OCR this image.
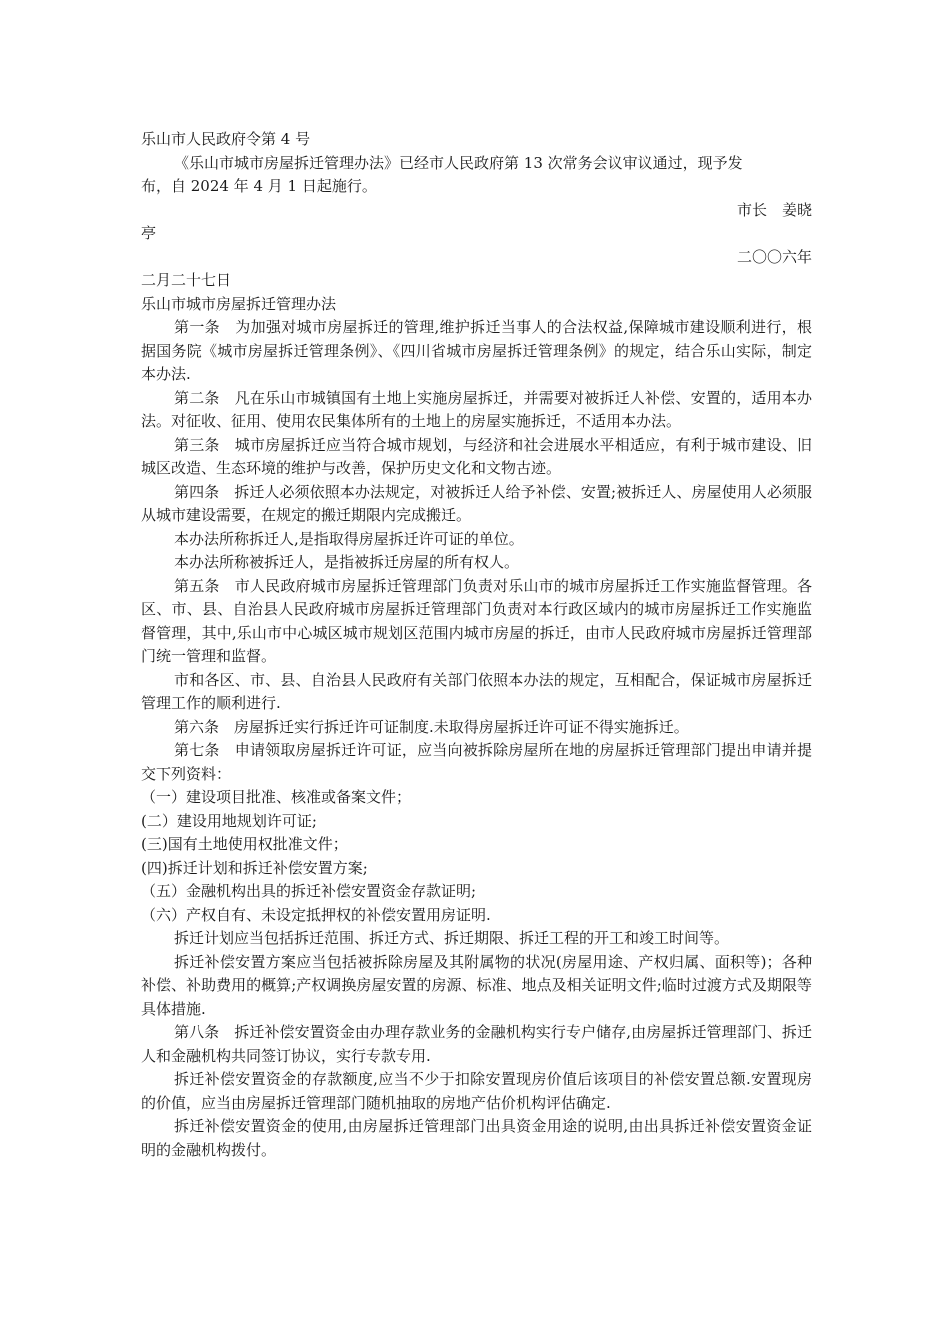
乐山市人民政府令第 4 号

《乐山市城市房屋拆迁管理办法》已经市人民政府第 13 次常务会议审议通过，现予发

布，自 2024 年 4 月 1 日起施行。

市长　姜晓

亭

二〇〇六年

二月二十七日

乐山市城市房屋拆迁管理办法

第一条　为加强对城市房屋拆迁的管理,维护拆迁当事人的合法权益,保障城市建设顺利进行，根据国务院《城市房屋拆迁管理条例》、《四川省城市房屋拆迁管理条例》的规定，结合乐山实际，制定本办法.

第二条　凡在乐山市城镇国有土地上实施房屋拆迁，并需要对被拆迁人补偿、安置的，适用本办法。对征收、征用、使用农民集体所有的土地上的房屋实施拆迁，不适用本办法。

第三条　城市房屋拆迁应当符合城市规划，与经济和社会进展水平相适应，有利于城市建设、旧城区改造、生态环境的维护与改善，保护历史文化和文物古迹。

第四条　拆迁人必须依照本办法规定，对被拆迁人给予补偿、安置;被拆迁人、房屋使用人必须服从城市建设需要，在规定的搬迁期限内完成搬迁。

本办法所称拆迁人,是指取得房屋拆迁许可证的单位。

本办法所称被拆迁人，是指被拆迁房屋的所有权人。

第五条　市人民政府城市房屋拆迁管理部门负责对乐山市的城市房屋拆迁工作实施监督管理。各区、市、县、自治县人民政府城市房屋拆迁管理部门负责对本行政区域内的城市房屋拆迁工作实施监督管理，其中,乐山市中心城区城市规划区范围内城市房屋的拆迁，由市人民政府城市房屋拆迁管理部门统一管理和监督。

市和各区、市、县、自治县人民政府有关部门依照本办法的规定，互相配合，保证城市房屋拆迁管理工作的顺利进行.

第六条　房屋拆迁实行拆迁许可证制度.未取得房屋拆迁许可证不得实施拆迁。

第七条　申请领取房屋拆迁许可证，应当向被拆除房屋所在地的房屋拆迁管理部门提出申请并提交下列资料：

（一）建设项目批准、核准或备案文件；

(二）建设用地规划许可证;

(三)国有土地使用权批准文件；

(四)拆迁计划和拆迁补偿安置方案;

（五）金融机构出具的拆迁补偿安置资金存款证明;

（六）产权自有、未设定抵押权的补偿安置用房证明.

拆迁计划应当包括拆迁范围、拆迁方式、拆迁期限、拆迁工程的开工和竣工时间等。

拆迁补偿安置方案应当包括被拆除房屋及其附属物的状况(房屋用途、产权归属、面积等)；各种补偿、补助费用的概算;产权调换房屋安置的房源、标准、地点及相关证明文件;临时过渡方式及期限等具体措施.

第八条　拆迁补偿安置资金由办理存款业务的金融机构实行专户储存,由房屋拆迁管理部门、拆迁人和金融机构共同签订协议，实行专款专用.

拆迁补偿安置资金的存款额度,应当不少于扣除安置现房价值后该项目的补偿安置总额.安置现房的价值，应当由房屋拆迁管理部门随机抽取的房地产估价机构评估确定.

拆迁补偿安置资金的使用,由房屋拆迁管理部门出具资金用途的说明,由出具拆迁补偿安置资金证明的金融机构拨付。
